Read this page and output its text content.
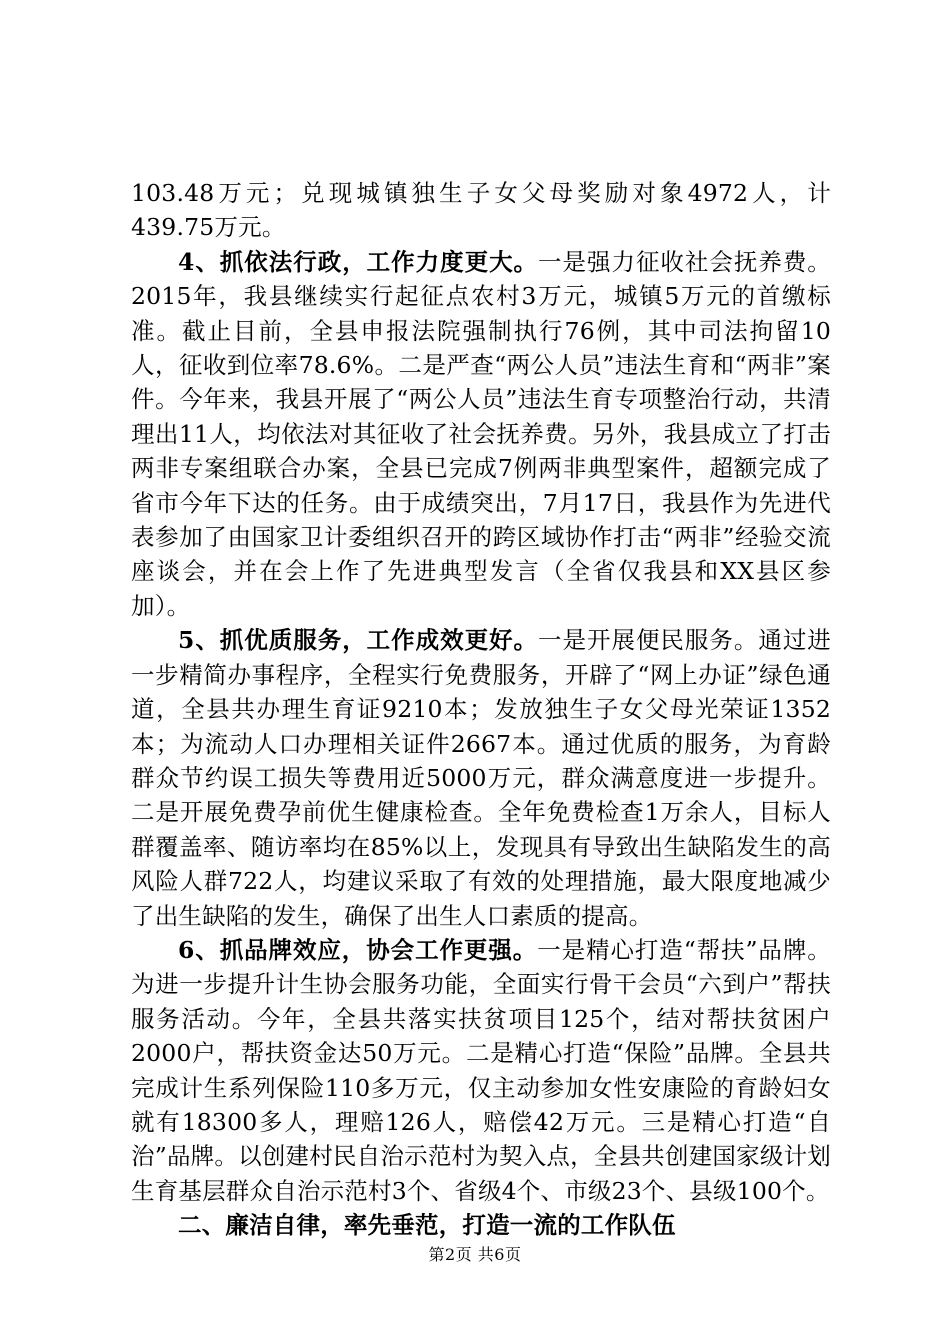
103.48万元；兑现城镇独生子女父母奖励对象4972人，计439.75万元。

4、抓依法行政，工作力度更大。一是强力征收社会抚养费。2015年，我县继续实行起征点农村3万元，城镇5万元的首缴标准。截止目前，全县申报法院强制执行76例，其中司法拘留10人，征收到位率78.6%。二是严查“两公人员”违法生育和“两非”案件。今年来，我县开展了“两公人员”违法生育专项整治行动，共清理出11人，均依法对其征收了社会抚养费。另外，我县成立了打击两非专案组联合办案，全县已完成7例两非典型案件，超额完成了省市今年下达的任务。由于成绩突出，7月17日，我县作为先进代表参加了由国家卫计委组织召开的跨区域协作打击“两非”经验交流座谈会，并在会上作了先进典型发言（全省仅我县和XX县区参加）。

5、抓优质服务，工作成效更好。一是开展便民服务。通过进一步精简办事程序，全程实行免费服务，开辟了“网上办证”绿色通道，全县共办理生育证9210本；发放独生子女父母光荣证1352本；为流动人口办理相关证件2667本。通过优质的服务，为育龄群众节约误工损失等费用近5000万元，群众满意度进一步提升。二是开展免费孕前优生健康检查。全年免费检查1万余人，目标人群覆盖率、随访率均在85%以上，发现具有导致出生缺陷发生的高风险人群722人，均建议采取了有效的处理措施，最大限度地减少了出生缺陷的发生，确保了出生人口素质的提高。

6、抓品牌效应，协会工作更强。一是精心打造“帮扶”品牌。为进一步提升计生协会服务功能，全面实行骨干会员“六到户”帮扶服务活动。今年，全县共落实扶贫项目125个，结对帮扶贫困户2000户，帮扶资金达50万元。二是精心打造“保险”品牌。全县共完成计生系列保险110多万元，仅主动参加女性安康险的育龄妇女就有18300多人，理赔126人，赔偿42万元。三是精心打造“自治”品牌。以创建村民自治示范村为契入点，全县共创建国家级计划生育基层群众自治示范村3个、省级4个、市级23个、县级100个。

二、廉洁自律，率先垂范，打造一流的工作队伍

第2页 共6页
